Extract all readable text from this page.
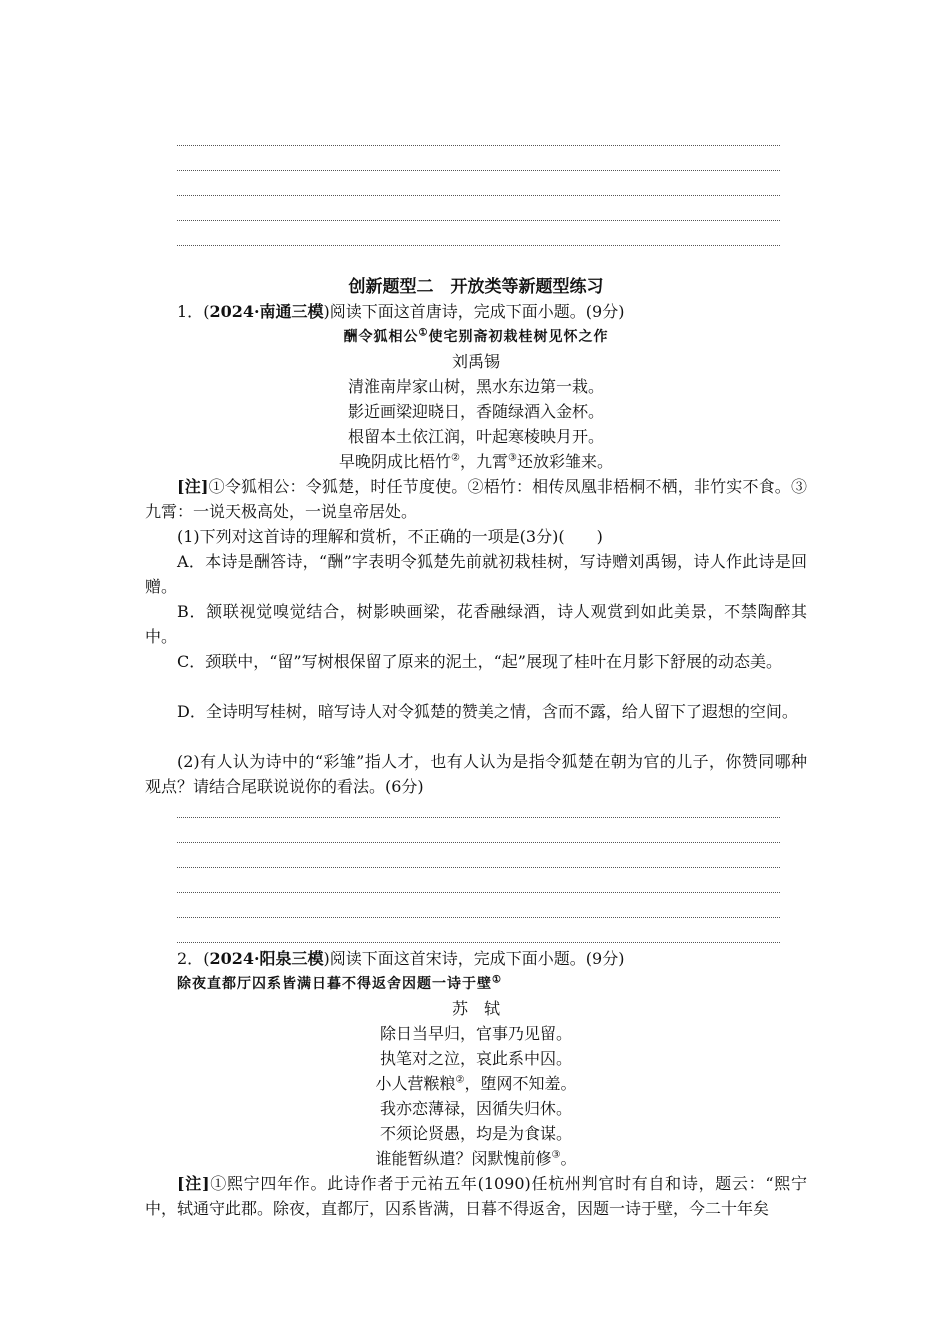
创新题型二　开放类等新题型练习
1．(2024·南通三模)阅读下面这首唐诗，完成下面小题。(9分)
酬令狐相公①使宅别斋初栽桂树见怀之作
刘禹锡
清淮南岸家山树，黑水东边第一栽。
影近画梁迎晓日，香随绿酒入金杯。
根留本土依江润，叶起寒棱映月开。
早晚阴成比梧竹②，九霄③还放彩雏来。
[注]①令狐相公：令狐楚，时任节度使。②梧竹：相传凤凰非梧桐不栖，非竹实不食。③九霄：一说天极高处，一说皇帝居处。
(1)下列对这首诗的理解和赏析，不正确的一项是(3分)(　　)
A．本诗是酬答诗，“酬”字表明令狐楚先前就初栽桂树，写诗赠刘禹锡，诗人作此诗是回赠。
B．颔联视觉嗅觉结合，树影映画梁，花香融绿酒，诗人观赏到如此美景，不禁陶醉其中。
C．颈联中，“留”写树根保留了原来的泥土，“起”展现了桂叶在月影下舒展的动态美。
D．全诗明写桂树，暗写诗人对令狐楚的赞美之情，含而不露，给人留下了遐想的空间。
(2)有人认为诗中的“彩雏”指人才，也有人认为是指令狐楚在朝为官的儿子，你赞同哪种观点？请结合尾联说说你的看法。(6分)
2．(2024·阳泉三模)阅读下面这首宋诗，完成下面小题。(9分)
除夜直都厅囚系皆满日暮不得返舍因题一诗于壁①
苏　轼
除日当早归，官事乃见留。
执笔对之泣，哀此系中囚。
小人营糇粮②，堕网不知羞。
我亦恋薄禄，因循失归休。
不须论贤愚，均是为食谋。
谁能暂纵遣？闵默愧前修③。
[注]①熙宁四年作。此诗作者于元祐五年(1090)任杭州判官时有自和诗，题云：“熙宁中，轼通守此郡。除夜，直都厅，囚系皆满，日暮不得返舍，因题一诗于壁，今二十年矣
